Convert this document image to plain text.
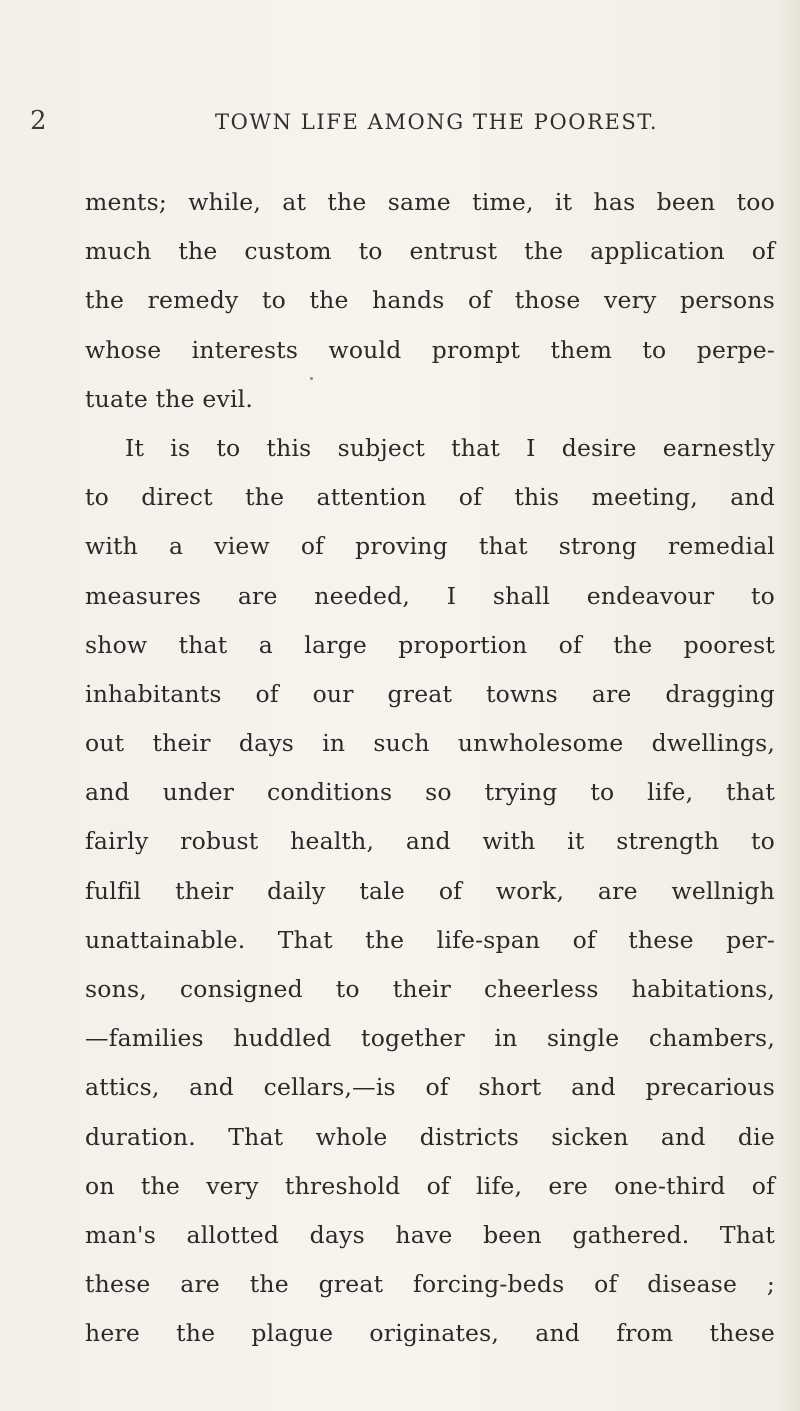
2	TOWN LIFE AMONG THE POOREST.
ments; while, at the same time, it has been too
much the custom to entrust the application of
the remedy to the hands of those very persons
whose interests would prompt them to perpe-
tuate the evil.
It is to this subject that I desire earnestly
to direct the attention of this meeting, and
with a view of proving that strong remedial
measures are needed, I shall endeavour to
show that a large proportion of the poorest
inhabitants of our great towns are dragging
out their days in such unwholesome dwellings,
and under conditions so trying to life, that
fairly robust health, and with it strength to
fulfil their daily tale of work, are wellnigh
unattainable. That the life-span of these per-
sons, consigned to their cheerless habitations,
—families huddled together in single chambers,
attics, and cellars,—is of short and precarious
duration. That whole districts sicken and die
on the very threshold of life, ere one-third of
man's allotted days have been gathered. That
these are the great forcing-beds of disease ;
here the plague originates, and from these
